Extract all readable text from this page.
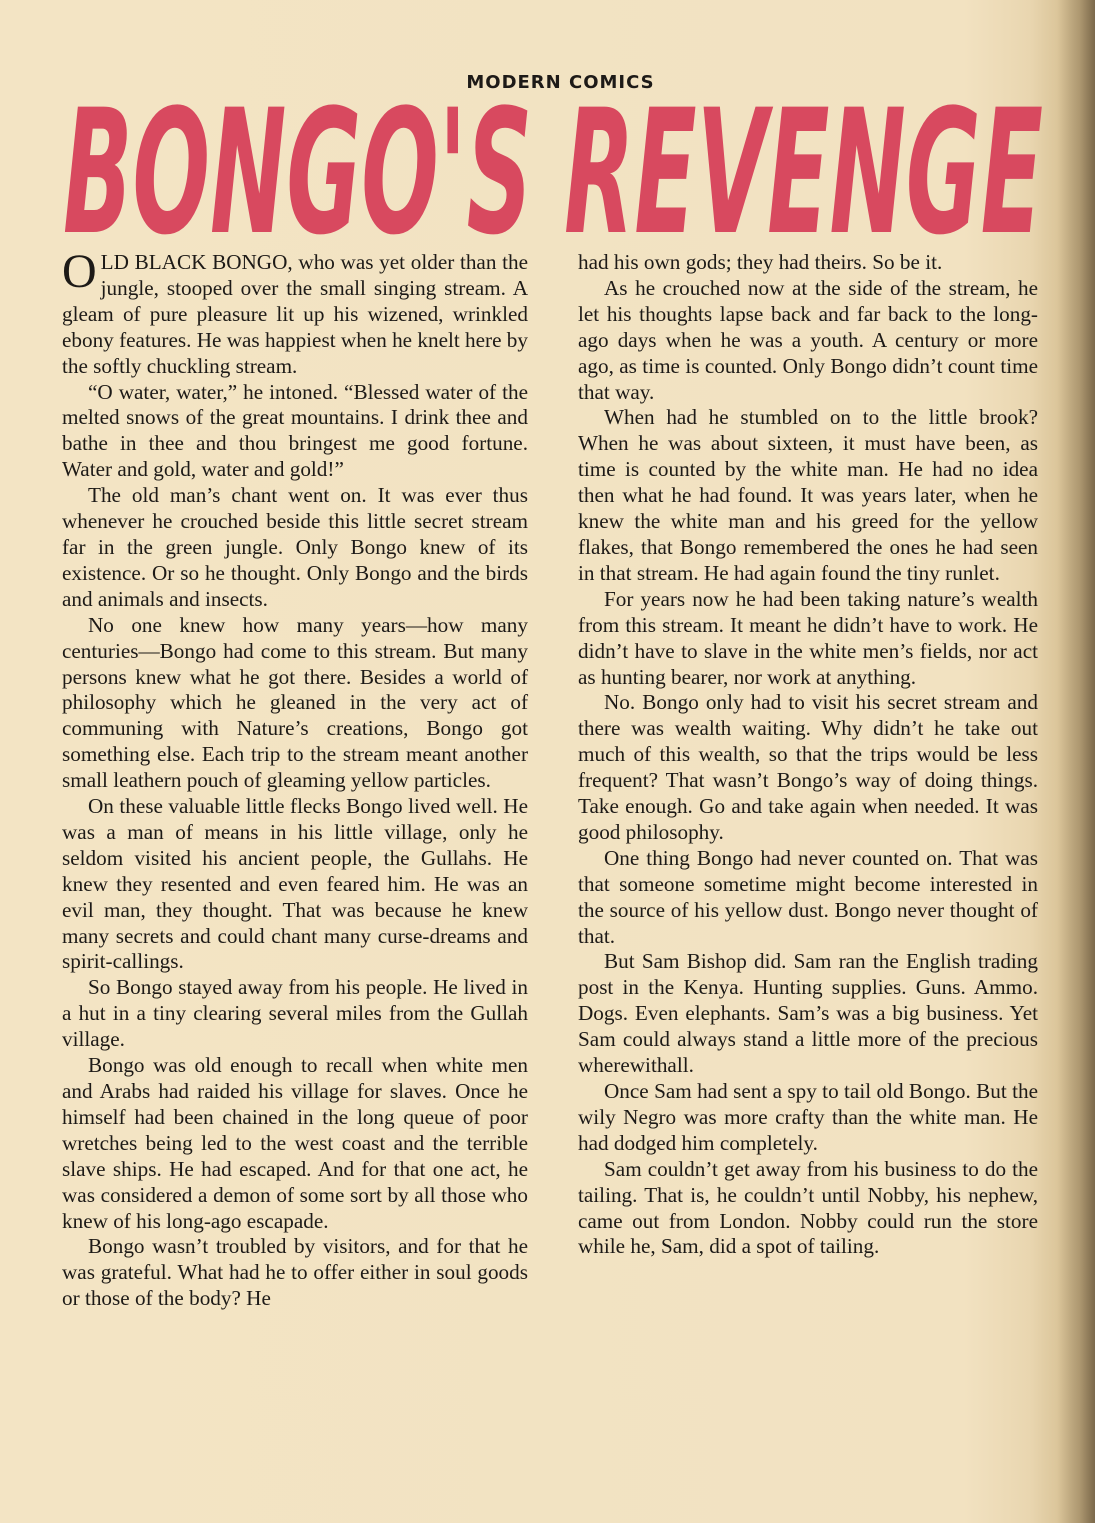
MODERN COMICS
BONGO'S REVENGE

OLD BLACK BONGO, who was yet older than the jungle, stooped over the small singing stream. A gleam of pure pleasure lit up his wizened, wrinkled ebony features. He was happiest when he knelt here by the softly chuckling stream.

“O water, water,” he intoned. “Blessed water of the melted snows of the great mountains. I drink thee and bathe in thee and thou bringest me good fortune. Water and gold, water and gold!”

The old man’s chant went on. It was ever thus whenever he crouched beside this little secret stream far in the green jungle. Only Bongo knew of its existence. Or so he thought. Only Bongo and the birds and animals and insects.

No one knew how many years—how many centuries—Bongo had come to this stream. But many persons knew what he got there. Besides a world of philosophy which he gleaned in the very act of communing with Nature’s creations, Bongo got something else. Each trip to the stream meant another small leathern pouch of gleaming yellow particles.

On these valuable little flecks Bongo lived well. He was a man of means in his little village, only he seldom visited his ancient people, the Gullahs. He knew they resented and even feared him. He was an evil man, they thought. That was because he knew many secrets and could chant many curse-dreams and spirit-callings.

So Bongo stayed away from his people. He lived in a hut in a tiny clearing several miles from the Gullah village.

Bongo was old enough to recall when white men and Arabs had raided his village for slaves. Once he himself had been chained in the long queue of poor wretches being led to the west coast and the terrible slave ships. He had escaped. And for that one act, he was considered a demon of some sort by all those who knew of his long-ago escapade.

Bongo wasn’t troubled by visitors, and for that he was grateful. What had he to offer either in soul goods or those of the body? He

had his own gods; they had theirs. So be it.

As he crouched now at the side of the stream, he let his thoughts lapse back and far back to the long-ago days when he was a youth. A century or more ago, as time is counted. Only Bongo didn’t count time that way.

When had he stumbled on to the little brook? When he was about sixteen, it must have been, as time is counted by the white man. He had no idea then what he had found. It was years later, when he knew the white man and his greed for the yellow flakes, that Bongo remembered the ones he had seen in that stream. He had again found the tiny runlet.

For years now he had been taking nature’s wealth from this stream. It meant he didn’t have to work. He didn’t have to slave in the white men’s fields, nor act as hunting bearer, nor work at anything.

No. Bongo only had to visit his secret stream and there was wealth waiting. Why didn’t he take out much of this wealth, so that the trips would be less frequent? That wasn’t Bongo’s way of doing things. Take enough. Go and take again when needed. It was good philosophy.

One thing Bongo had never counted on. That was that someone sometime might become interested in the source of his yellow dust. Bongo never thought of that.

But Sam Bishop did. Sam ran the English trading post in the Kenya. Hunting supplies. Guns. Ammo. Dogs. Even elephants. Sam’s was a big business. Yet Sam could always stand a little more of the precious wherewithall.

Once Sam had sent a spy to tail old Bongo. But the wily Negro was more crafty than the white man. He had dodged him completely.

Sam couldn’t get away from his business to do the tailing. That is, he couldn’t until Nobby, his nephew, came out from London. Nobby could run the store while he, Sam, did a spot of tailing.
